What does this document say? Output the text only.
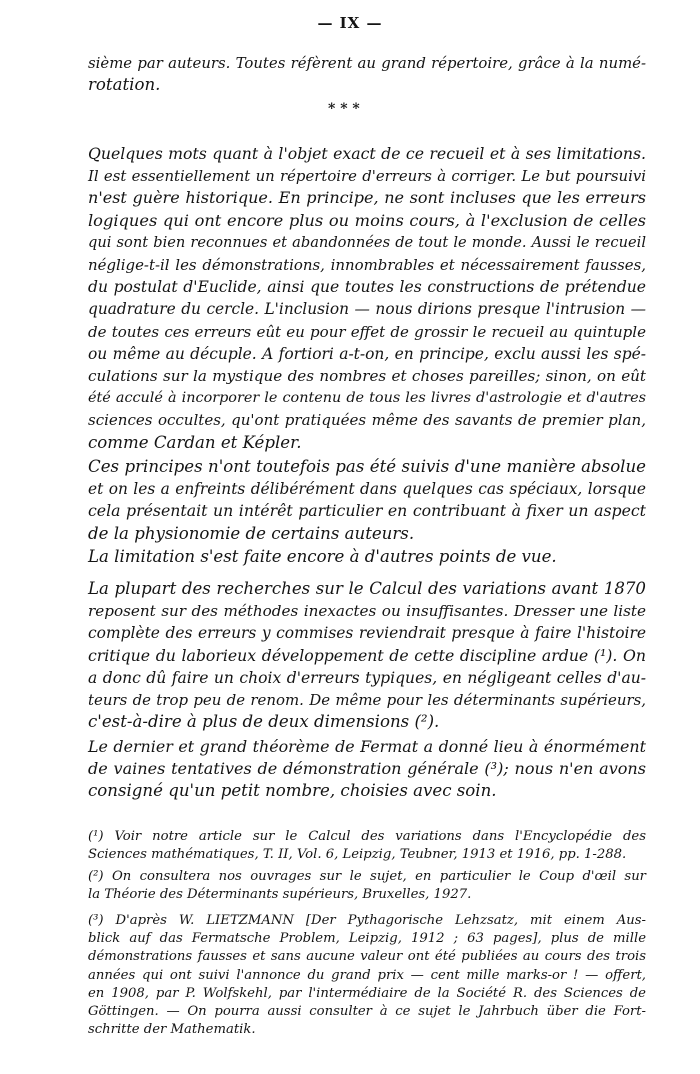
— IX —
sième par auteurs. Toutes réfèrent au grand répertoire, grâce à la numé-
rotation.
* * *
Quelques mots quant à l'objet exact de ce recueil et à ses limitations.
Il est essentiellement un répertoire d'erreurs à corriger. Le but poursuivi
n'est guère historique. En principe, ne sont incluses que les erreurs
logiques qui ont encore plus ou moins cours, à l'exclusion de celles
qui sont bien reconnues et abandonnées de tout le monde. Aussi le recueil
néglige-t-il les démonstrations, innombrables et nécessairement fausses,
du postulat d'Euclide, ainsi que toutes les constructions de prétendue
quadrature du cercle. L'inclusion — nous dirions presque l'intrusion —
de toutes ces erreurs eût eu pour effet de grossir le recueil au quintuple
ou même au décuple. A fortiori a-t-on, en principe, exclu aussi les spé-
culations sur la mystique des nombres et choses pareilles; sinon, on eût
été acculé à incorporer le contenu de tous les livres d'astrologie et d'autres
sciences occultes, qu'ont pratiquées même des savants de premier plan,
comme Cardan et Képler.
Ces principes n'ont toutefois pas été suivis d'une manière absolue
et on les a enfreints délibérément dans quelques cas spéciaux, lorsque
cela présentait un intérêt particulier en contribuant à fixer un aspect
de la physionomie de certains auteurs.
La limitation s'est faite encore à d'autres points de vue.
La plupart des recherches sur le Calcul des variations avant 1870
reposent sur des méthodes inexactes ou insuffisantes. Dresser une liste
complète des erreurs y commises reviendrait presque à faire l'histoire
critique du laborieux développement de cette discipline ardue (¹). On
a donc dû faire un choix d'erreurs typiques, en négligeant celles d'au-
teurs de trop peu de renom. De même pour les déterminants supérieurs,
c'est-à-dire à plus de deux dimensions (²).
Le dernier et grand théorème de Fermat a donné lieu à énormément
de vaines tentatives de démonstration générale (³); nous n'en avons
consigné qu'un petit nombre, choisies avec soin.
(¹) Voir notre article sur le Calcul des variations dans l'Encyclopédie des
Sciences mathématiques, T. II, Vol. 6, Leipzig, Teubner, 1913 et 1916, pp. 1-288.
(²) On consultera nos ouvrages sur le sujet, en particulier le Coup d'œil sur
la Théorie des Déterminants supérieurs, Bruxelles, 1927.
(³) D'après W. LIETZMANN [Der Pythagorische Lehzsatz, mit einem Aus-
blick auf das Fermatsche Problem, Leipzig, 1912 ; 63 pages], plus de mille
démonstrations fausses et sans aucune valeur ont été publiées au cours des trois
années qui ont suivi l'annonce du grand prix — cent mille marks-or ! — offert,
en 1908, par P. Wolfskehl, par l'intermédiaire de la Société R. des Sciences de
Göttingen. — On pourra aussi consulter à ce sujet le Jahrbuch über die Fort-
schritte der Mathematik.
